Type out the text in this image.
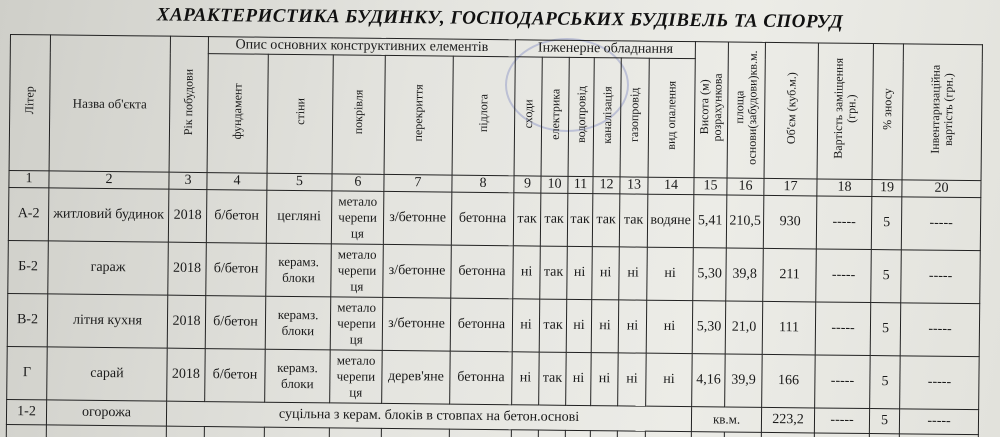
ХАРАКТЕРИСТИКА БУДИНКУ, ГОСПОДАРСЬКИХ БУДІВЕЛЬ ТА СПОРУД
Літер	Назва об'єкта	Рік побудови	Опис основних конструктивних елементів					Інженерне обладнання						Висота (м) розрахункова	площа основи(забудови)кв.м.	Об'єм (куб.м.)	Вартість заміщення (грн.)	% зносу	Інвентаризаційна вартість (грн.)
			фундамент	стіни	покрівля	перекриття	підлога	сходи	електрика	водопровід	каналізація	газопровід	вид опалення						
1	2	3	4	5	6	7	8	9	10	11	12	13	14	15	16	17	18	19	20
А-2	житловий будинок	2018	б/бетон	цегляні	метало черепи ця	з/бетонне	бетонна	так	так	так	так	так	водяне	5,41	210,5	930	-----	5	-----
Б-2	гараж	2018	б/бетон	керамз. блоки	метало черепи ця	з/бетонне	бетонна	ні	так	ні	ні	ні	ні	5,30	39,8	211	-----	5	-----
В-2	літня кухня	2018	б/бетон	керамз. блоки	метало черепи ця	з/бетонне	бетонна	ні	так	ні	ні	ні	ні	5,30	21,0	111	-----	5	-----
Г	сарай	2018	б/бетон	керамз. блоки	метало черепи ця	дерев'яне	бетонна	ні	так	ні	ні	ні	ні	4,16	39,9	166	-----	5	-----
1-2	огорожа	суцільна з керам. блоків в стовпах на бетон.основі												кв.м.		223,2	-----	5	-----
